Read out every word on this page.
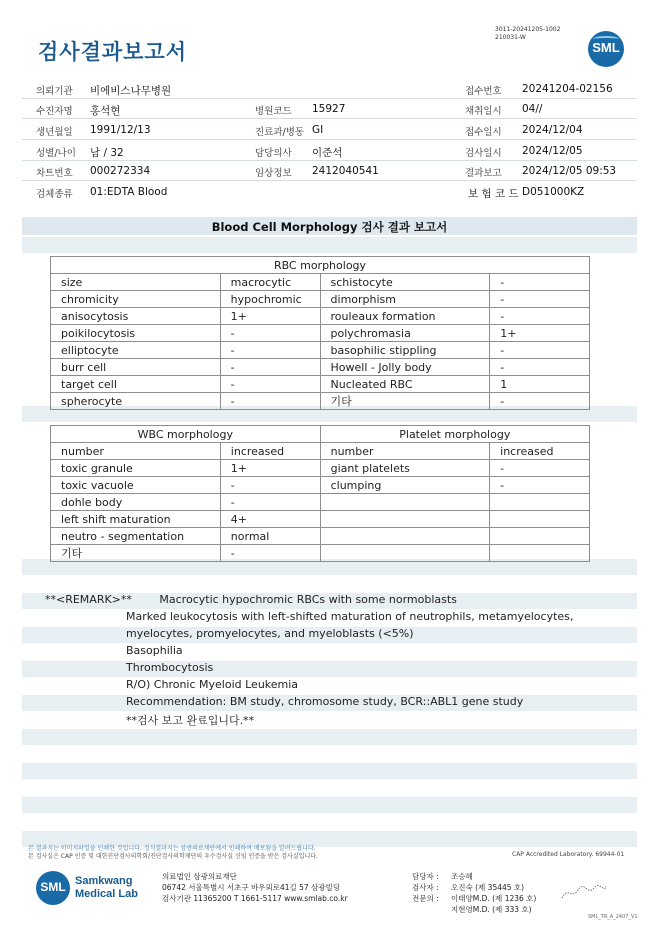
검사결과보고서
3011-20241205-1002
210031-W
SML
의뢰기관 비에비스나무병원	접수번호 20241204-02156
수진자명 홍석현	병원코드 15927	채취일시 04//
생년월일 1991/12/13	진료과/병동 GI	접수일시 2024/12/04
성별/나이 남 / 32	담당의사 이준석	검사일시 2024/12/05
차트번호 000272334	임상정보 2412040541	결과보고 2024/12/05 09:53
검체종류 01:EDTA Blood	보 험 코 드 D051000KZ
Blood Cell Morphology 검사 결과 보고서
RBC morphology			
size	macrocytic	schistocyte	-
chromicity	hypochromic	dimorphism	-
anisocytosis	1+	rouleaux formation	-
poikilocytosis	-	polychromasia	1+
elliptocyte	-	basophilic stippling	-
burr cell	-	Howell - Jolly body	-
target cell	-	Nucleated RBC	1
spherocyte	-	기타	-
WBC morphology		Platelet morphology	
number	increased	number	increased
toxic granule	1+	giant platelets	-
toxic vacuole	-	clumping	-
dohle body	-		
left shift maturation	4+		
neutro - segmentation	normal		
기타	-		
**<REMARK>**	Macrocytic hypochromic RBCs with some normoblasts
Marked leukocytosis with left-shifted maturation of neutrophils, metamyelocytes,
myelocytes, promyelocytes, and myeloblasts (<5%)
Basophilia
Thrombocytosis
R/O) Chronic Myeloid Leukemia
Recommendation: BM study, chromosome study, BCR::ABL1 gene study
**검사 보고 완료입니다.**
본 결과지는 이미지파일을 인쇄한 것입니다. 정식결과지는 삼광의료재단에서 인쇄하여 배포됨을 알려드립니다.
본 검사실은 CAP 인증 및 대한진단검사의학회/진단검사의학재단의 우수검사실 신임 인증을 받은 검사실입니다.	CAP Accredited Laboratory. 69944-01
SML Samkwang
Medical Lab
의료법인 삼광의료재단
06742 서울특별시 서초구 바우뫼로41길 57 삼광빌딩
검사기관 11365200 T 1661-5117 www.smlab.co.kr
담당자 : 조승혜
검사자 : 오진숙 (제 35445 호)
전문의 : 이태양M.D. (제 1236 호)
지현영M.D. (제 333 호)
SML_TR_A_2407_V1
